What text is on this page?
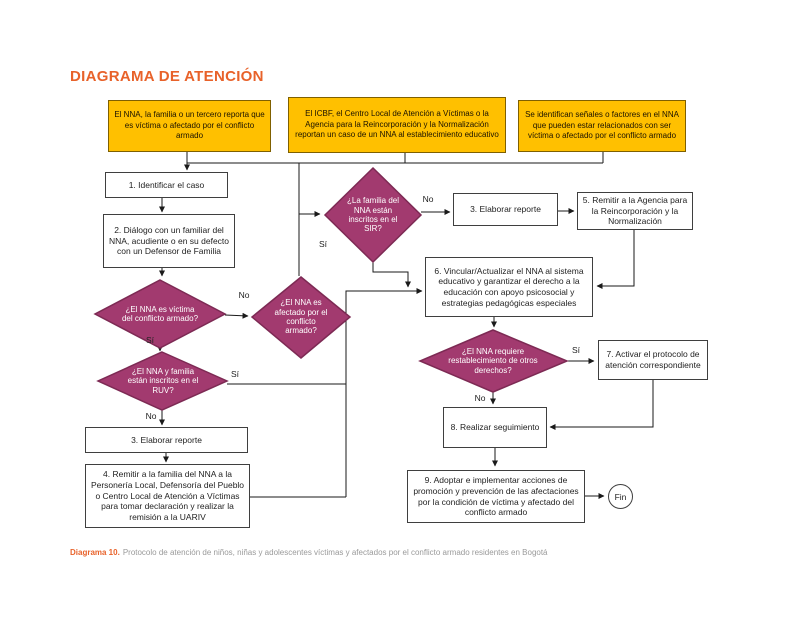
DIAGRAMA DE ATENCIÓN
El NNA, la familia o un tercero reporta que es víctima o afectado por el conflicto armado
El ICBF, el Centro Local de Atención a Víctimas o la Agencia para la Reincorporación y la Normalización reportan un caso de un NNA al establecimiento educativo
Se identifican señales o factores en el NNA que pueden estar relacionados con ser víctima o afectado por el conflicto armado
1. Identificar el caso
2. Diálogo con un familiar del NNA, acudiente o en su defecto con un Defensor de Familia
3. Elaborar reporte
4. Remitir a la familia del NNA a la Personería Local, Defensoría del Pueblo o Centro Local de Atención a Víctimas para tomar declaración y realizar la remisión a la UARIV
3. Elaborar reporte
5. Remitir a la Agencia para la Reincorporación y la Normalización
6. Vincular/Actualizar el NNA al sistema educativo y garantizar el derecho a la educación con apoyo psicosocial y estrategias pedagógicas especiales
7. Activar el protocolo de atención correspondiente
8. Realizar seguimiento
9. Adoptar e implementar acciones de promoción y prevención de las afectaciones por la condición de víctima y afectado del conflicto armado
¿El NNA es víctima del conflicto armado?
¿El NNA y familia están inscritos en el RUV?
¿La familia del NNA están inscritos en el SIR?
¿El NNA es afectado por el conflicto armado?
¿El NNA requiere restablecimiento de otros derechos?
No
Sí
No
Sí
Sí
No
Sí
No
Fin
Diagrama 10. Protocolo de atención de niños, niñas y adolescentes víctimas y afectados por el conflicto armado residentes en Bogotá
